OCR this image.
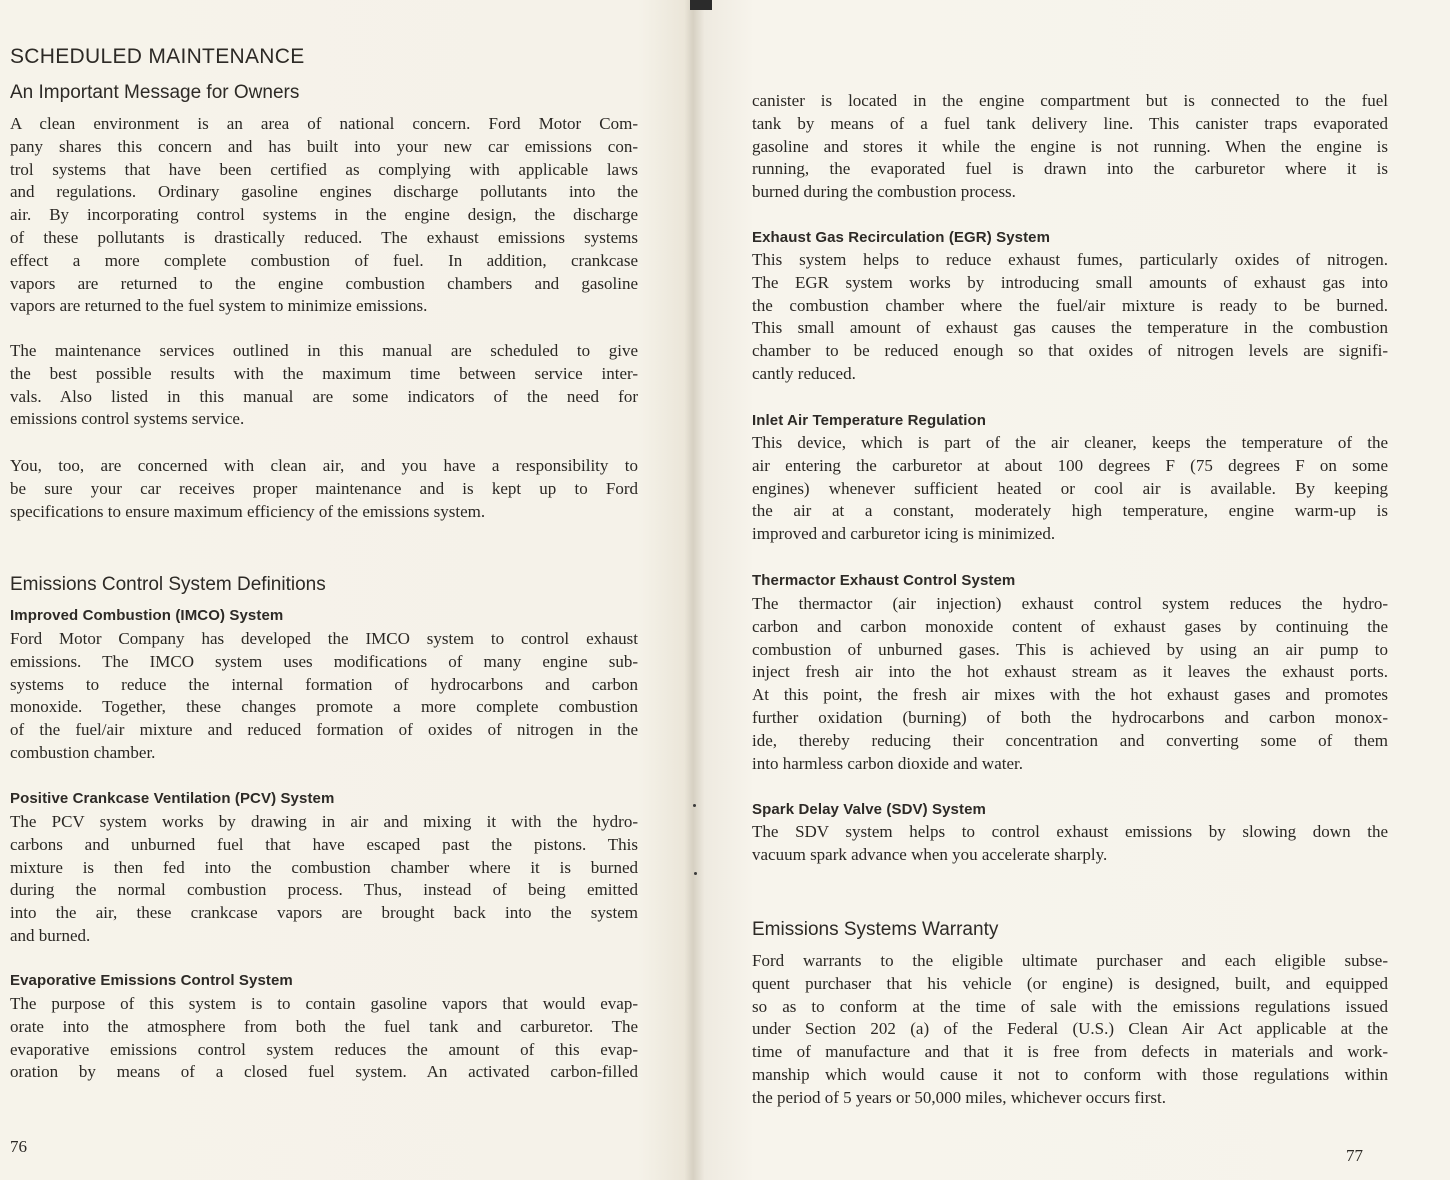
SCHEDULED MAINTENANCE
An Important Message for Owners
A clean environment is an area of national concern. Ford Motor Com-
pany shares this concern and has built into your new car emissions con-
trol systems that have been certified as complying with applicable laws
and regulations. Ordinary gasoline engines discharge pollutants into the
air. By incorporating control systems in the engine design, the discharge
of these pollutants is drastically reduced. The exhaust emissions systems
effect a more complete combustion of fuel. In addition, crankcase
vapors are returned to the engine combustion chambers and gasoline
vapors are returned to the fuel system to minimize emissions.
The maintenance services outlined in this manual are scheduled to give
the best possible results with the maximum time between service inter-
vals. Also listed in this manual are some indicators of the need for
emissions control systems service.
You, too, are concerned with clean air, and you have a responsibility to
be sure your car receives proper maintenance and is kept up to Ford
specifications to ensure maximum efficiency of the emissions system.
Emissions Control System Definitions
Improved Combustion (IMCO) System
Ford Motor Company has developed the IMCO system to control exhaust
emissions. The IMCO system uses modifications of many engine sub-
systems to reduce the internal formation of hydrocarbons and carbon
monoxide. Together, these changes promote a more complete combustion
of the fuel/air mixture and reduced formation of oxides of nitrogen in the
combustion chamber.
Positive Crankcase Ventilation (PCV) System
The PCV system works by drawing in air and mixing it with the hydro-
carbons and unburned fuel that have escaped past the pistons. This
mixture is then fed into the combustion chamber where it is burned
during the normal combustion process. Thus, instead of being emitted
into the air, these crankcase vapors are brought back into the system
and burned.
Evaporative Emissions Control System
The purpose of this system is to contain gasoline vapors that would evap-
orate into the atmosphere from both the fuel tank and carburetor. The
evaporative emissions control system reduces the amount of this evap-
oration by means of a closed fuel system. An activated carbon-filled

76

canister is located in the engine compartment but is connected to the fuel
tank by means of a fuel tank delivery line. This canister traps evaporated
gasoline and stores it while the engine is not running. When the engine is
running, the evaporated fuel is drawn into the carburetor where it is
burned during the combustion process.
Exhaust Gas Recirculation (EGR) System
This system helps to reduce exhaust fumes, particularly oxides of nitrogen.
The EGR system works by introducing small amounts of exhaust gas into
the combustion chamber where the fuel/air mixture is ready to be burned.
This small amount of exhaust gas causes the temperature in the combustion
chamber to be reduced enough so that oxides of nitrogen levels are signifi-
cantly reduced.
Inlet Air Temperature Regulation
This device, which is part of the air cleaner, keeps the temperature of the
air entering the carburetor at about 100 degrees F (75 degrees F on some
engines) whenever sufficient heated or cool air is available. By keeping
the air at a constant, moderately high temperature, engine warm-up is
improved and carburetor icing is minimized.
Thermactor Exhaust Control System
The thermactor (air injection) exhaust control system reduces the hydro-
carbon and carbon monoxide content of exhaust gases by continuing the
combustion of unburned gases. This is achieved by using an air pump to
inject fresh air into the hot exhaust stream as it leaves the exhaust ports.
At this point, the fresh air mixes with the hot exhaust gases and promotes
further oxidation (burning) of both the hydrocarbons and carbon monox-
ide, thereby reducing their concentration and converting some of them
into harmless carbon dioxide and water.
Spark Delay Valve (SDV) System
The SDV system helps to control exhaust emissions by slowing down the
vacuum spark advance when you accelerate sharply.
Emissions Systems Warranty
Ford warrants to the eligible ultimate purchaser and each eligible subse-
quent purchaser that his vehicle (or engine) is designed, built, and equipped
so as to conform at the time of sale with the emissions regulations issued
under Section 202 (a) of the Federal (U.S.) Clean Air Act applicable at the
time of manufacture and that it is free from defects in materials and work-
manship which would cause it not to conform with those regulations within
the period of 5 years or 50,000 miles, whichever occurs first.

77
